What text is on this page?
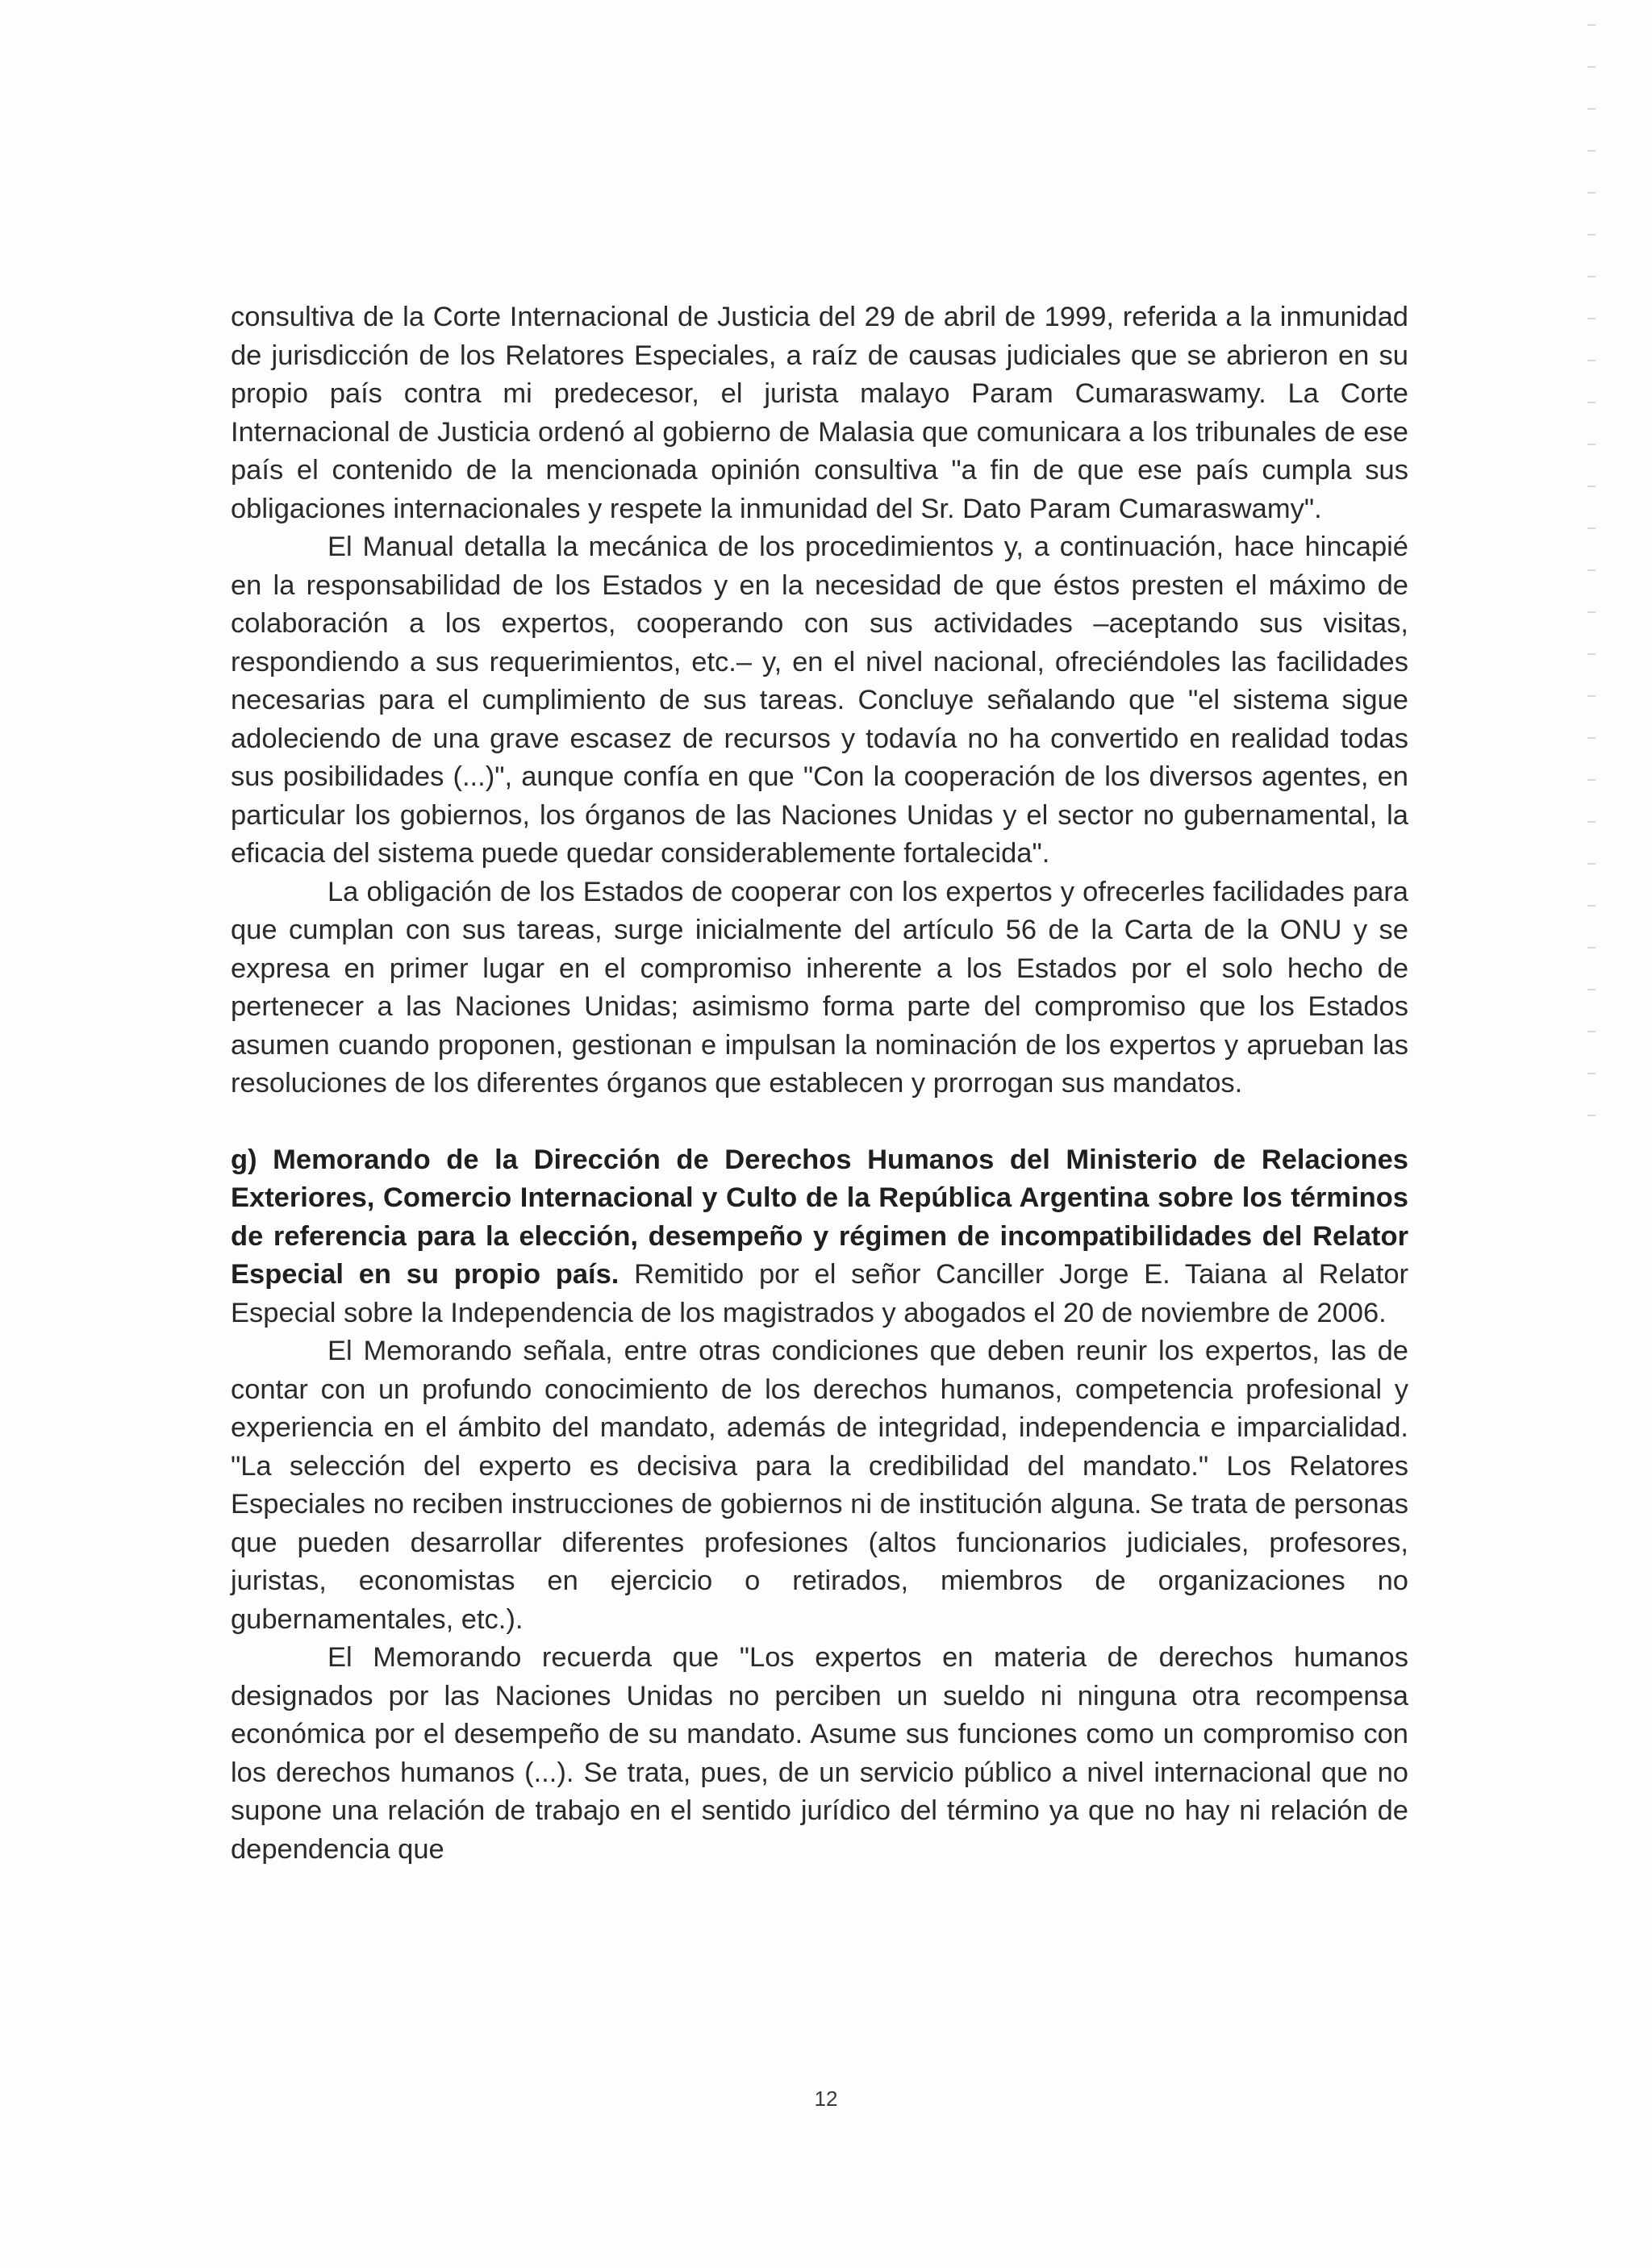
consultiva de la Corte Internacional de Justicia del 29 de abril de 1999, referida a la inmunidad de jurisdicción de los Relatores Especiales, a raíz de causas judiciales que se abrieron en su propio país contra mi predecesor, el jurista malayo Param Cumaraswamy. La Corte Internacional de Justicia ordenó al gobierno de Malasia que comunicara a los tribunales de ese país el contenido de la mencionada opinión consultiva "a fin de que ese país cumpla sus obligaciones internacionales y respete la inmunidad del Sr. Dato Param Cumaraswamy".

El Manual detalla la mecánica de los procedimientos y, a continuación, hace hincapié en la responsabilidad de los Estados y en la necesidad de que éstos presten el máximo de colaboración a los expertos, cooperando con sus actividades –aceptando sus visitas, respondiendo a sus requerimientos, etc.– y, en el nivel nacional, ofreciéndoles las facilidades necesarias para el cumplimiento de sus tareas. Concluye señalando que "el sistema sigue adoleciendo de una grave escasez de recursos y todavía no ha convertido en realidad todas sus posibilidades (...)", aunque confía en que "Con la cooperación de los diversos agentes, en particular los gobiernos, los órganos de las Naciones Unidas y el sector no gubernamental, la eficacia del sistema puede quedar considerablemente fortalecida".

La obligación de los Estados de cooperar con los expertos y ofrecerles facilidades para que cumplan con sus tareas, surge inicialmente del artículo 56 de la Carta de la ONU y se expresa en primer lugar en el compromiso inherente a los Estados por el solo hecho de pertenecer a las Naciones Unidas; asimismo forma parte del compromiso que los Estados asumen cuando proponen, gestionan e impulsan la nominación de los expertos y aprueban las resoluciones de los diferentes órganos que establecen y prorrogan sus mandatos.

g) Memorando de la Dirección de Derechos Humanos del Ministerio de Relaciones Exteriores, Comercio Internacional y Culto de la República Argentina sobre los términos de referencia para la elección, desempeño y régimen de incompatibilidades del Relator Especial en su propio país. Remitido por el señor Canciller Jorge E. Taiana al Relator Especial sobre la Independencia de los magistrados y abogados el 20 de noviembre de 2006.

El Memorando señala, entre otras condiciones que deben reunir los expertos, las de contar con un profundo conocimiento de los derechos humanos, competencia profesional y experiencia en el ámbito del mandato, además de integridad, independencia e imparcialidad. "La selección del experto es decisiva para la credibilidad del mandato." Los Relatores Especiales no reciben instrucciones de gobiernos ni de institución alguna. Se trata de personas que pueden desarrollar diferentes profesiones (altos funcionarios judiciales, profesores, juristas, economistas en ejercicio o retirados, miembros de organizaciones no gubernamentales, etc.).

El Memorando recuerda que "Los expertos en materia de derechos humanos designados por las Naciones Unidas no perciben un sueldo ni ninguna otra recompensa económica por el desempeño de su mandato. Asume sus funciones como un compromiso con los derechos humanos (...). Se trata, pues, de un servicio público a nivel internacional que no supone una relación de trabajo en el sentido jurídico del término ya que no hay ni relación de dependencia que

12
